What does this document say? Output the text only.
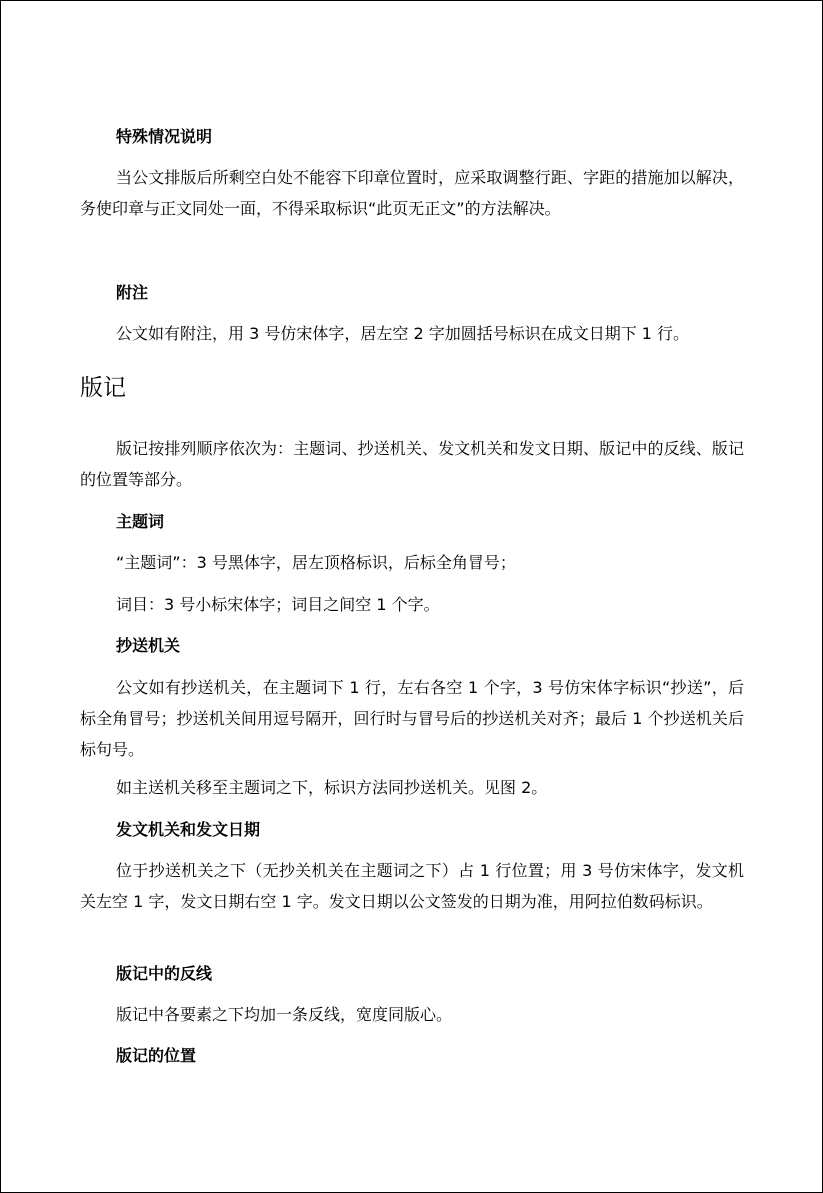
特殊情况说明

当公文排版后所剩空白处不能容下印章位置时，应采取调整行距、字距的措施加以解决，务使印章与正文同处一面，不得采取标识“此页无正文”的方法解决。

附注

公文如有附注，用 3 号仿宋体字，居左空 2 字加圆括号标识在成文日期下 1 行。

版记

版记按排列顺序依次为：主题词、抄送机关、发文机关和发文日期、版记中的反线、版记的位置等部分。

主题词

“主题词”：3 号黑体字，居左顶格标识，后标全角冒号；

词目：3 号小标宋体字；词目之间空 1 个字。

抄送机关

公文如有抄送机关，在主题词下 1 行，左右各空 1 个字，3 号仿宋体字标识“抄送”，后标全角冒号；抄送机关间用逗号隔开，回行时与冒号后的抄送机关对齐；最后 1 个抄送机关后标句号。

如主送机关移至主题词之下，标识方法同抄送机关。见图 2。

发文机关和发文日期

位于抄送机关之下（无抄关机关在主题词之下）占 1 行位置；用 3 号仿宋体字，发文机关左空 1 字，发文日期右空 1 字。发文日期以公文签发的日期为准，用阿拉伯数码标识。

版记中的反线

版记中各要素之下均加一条反线，宽度同版心。

版记的位置
